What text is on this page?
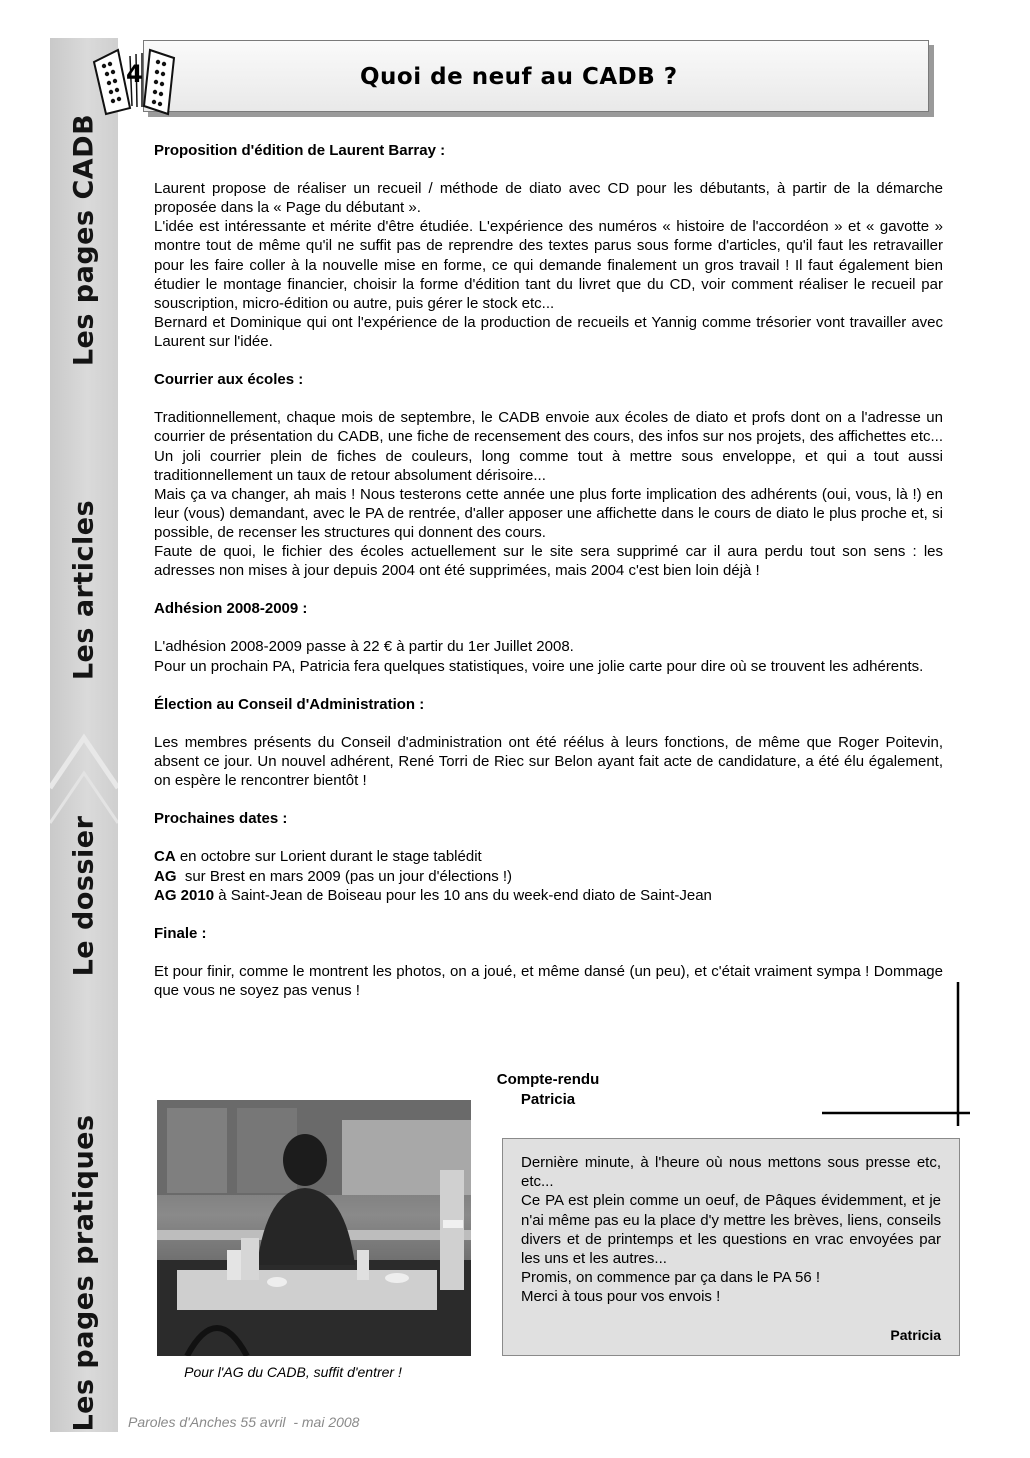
Les pages CADB
Les articles
Le dossier
Les pages pratiques
4	Quoi de neuf au CADB ?
Proposition d'édition de Laurent Barray :

Laurent propose de réaliser un recueil / méthode de diato avec CD pour les débutants, à partir de la démarche proposée dans la « Page du débutant ».

L'idée est intéressante et mérite d'être étudiée. L'expérience des numéros « histoire de l'accordéon » et « gavotte » montre tout de même qu'il ne suffit pas de reprendre des textes parus sous forme d'articles, qu'il faut les retravailler pour les faire coller à la nouvelle mise en forme, ce qui demande finalement un gros travail ! Il faut également bien étudier le montage financier, choisir la forme d'édition tant du livret que du CD, voir comment réaliser le recueil par souscription, micro-édition ou autre, puis gérer le stock etc...

Bernard et Dominique qui ont l'expérience de la production de recueils et Yannig comme trésorier vont travailler avec Laurent sur l'idée.

Courrier aux écoles :

Traditionnellement, chaque mois de septembre, le CADB envoie aux écoles de diato et profs dont on a l'adresse un courrier de présentation du CADB, une fiche de recensement des cours, des infos sur nos projets, des affichettes etc... Un joli courrier plein de fiches de couleurs, long comme tout à mettre sous enveloppe, et qui a tout aussi traditionnellement un taux de retour absolument dérisoire...

Mais ça va changer, ah mais ! Nous testerons cette année une plus forte implication des adhérents (oui, vous, là !) en leur (vous) demandant, avec le PA de rentrée, d'aller apposer une affichette dans le cours de diato le plus proche et, si possible, de recenser les structures qui donnent des cours.

Faute de quoi, le fichier des écoles actuellement sur le site sera supprimé car il aura perdu tout son sens : les adresses non mises à jour depuis 2004 ont été supprimées, mais 2004 c'est bien loin déjà !

Adhésion 2008-2009 :

L'adhésion 2008-2009 passe à 22 € à partir du 1er Juillet 2008.

Pour un prochain PA, Patricia fera quelques statistiques, voire une jolie carte pour dire où se trouvent les adhérents.

Élection au Conseil d'Administration :

Les membres présents du Conseil d'administration ont été réélus à leurs fonctions, de même que Roger Poitevin, absent ce jour. Un nouvel adhérent, René Torri de Riec sur Belon ayant fait acte de candidature, a été élu également, on espère le rencontrer bientôt !

Prochaines dates :

CA en octobre sur Lorient durant le stage tablédit

AG  sur Brest en mars 2009 (pas un jour d'élections !)

AG 2010 à Saint-Jean de Boiseau pour les 10 ans du week-end diato de Saint-Jean

Finale :

Et pour finir, comme le montrent les photos, on a joué, et même dansé (un peu), et c'était vraiment sympa ! Dommage que vous ne soyez pas venus !

Compte-rendu
Patricia
Pour l'AG du CADB, suffit d'entrer !
Dernière minute, à l'heure où nous mettons sous presse etc, etc...
Ce PA est plein comme un oeuf, de Pâques évidemment, et je n'ai même pas eu la place d'y mettre les brèves, liens, conseils divers et de printemps et les questions en vrac envoyées par les uns et les autres...
Promis, on commence par ça dans le PA 56 !
Merci à tous pour vos envois !
Patricia
Paroles d'Anches 55 avril  - mai 2008
